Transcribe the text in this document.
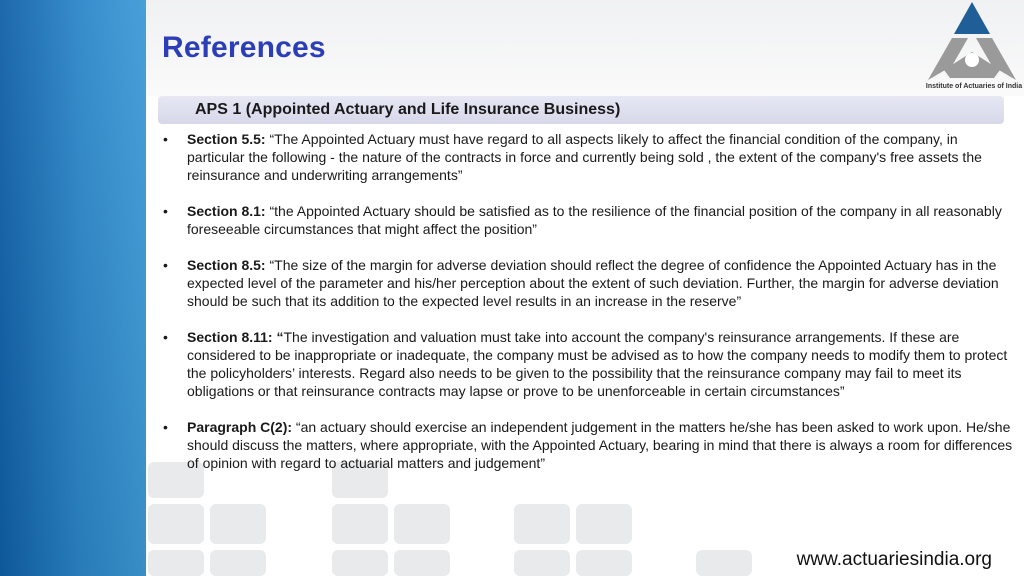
References
Institute of Actuaries of India
APS 1 (Appointed Actuary and Life Insurance Business)
• Section 5.5: “The Appointed Actuary must have regard to all aspects likely to affect the financial condition of the company, in particular the following - the nature of the contracts in force and currently being sold , the extent of the company's free assets the reinsurance and underwriting arrangements”
• Section 8.1: “the Appointed Actuary should be satisfied as to the resilience of the financial position of the company in all reasonably foreseeable circumstances that might affect the position”
• Section 8.5: “The size of the margin for adverse deviation should reflect the degree of confidence the Appointed Actuary has in the expected level of the parameter and his/her perception about the extent of such deviation. Further, the margin for adverse deviation should be such that its addition to the expected level results in an increase in the reserve”
• Section 8.11: “The investigation and valuation must take into account the company's reinsurance arrangements. If these are considered to be inappropriate or inadequate, the company must be advised as to how the company needs to modify them to protect the policyholders’ interests. Regard also needs to be given to the possibility that the reinsurance company may fail to meet its obligations or that reinsurance contracts may lapse or prove to be unenforceable in certain circumstances”
• Paragraph C(2): “an actuary should exercise an independent judgement in the matters he/she has been asked to work upon. He/she should discuss the matters, where appropriate, with the Appointed Actuary, bearing in mind that there is always a room for differences of opinion with regard to actuarial matters and judgement”
www.actuariesindia.org
